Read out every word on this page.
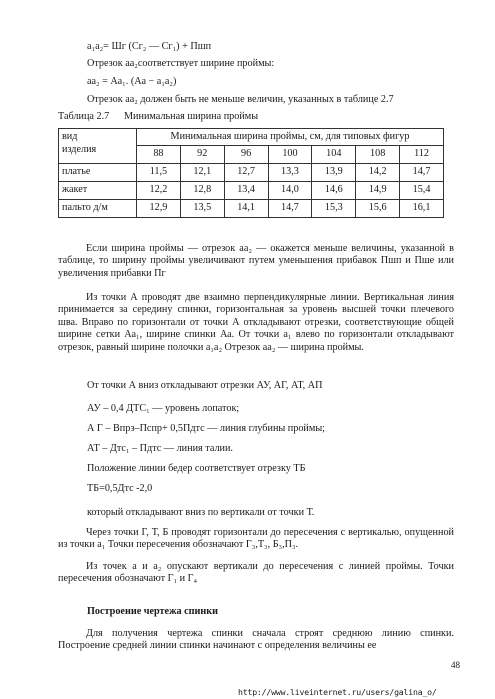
a₁a₂= Шг (Сг₂ — Сг₁) + Пшп
Отрезок аа₂соответствует ширине проймы:
аа₂ = Аа₁. (Аа − а₁а₂)
Отрезок аа₂ должен быть не меньше величин, указанных в таблице 2.7
Таблица 2.7 Минимальная ширина проймы
вид
изделия	Минимальная ширина проймы, см, для типовых фигур						
	88	92	96	100	104	108	112
платье	11,5	12,1	12,7	13,3	13,9	14,2	14,7
жакет	12,2	12,8	13,4	14,0	14,6	14,9	15,4
пальто д/м	12,9	13,5	14,1	14,7	15,3	15,6	16,1
Если ширина проймы — отрезок аа₂ — окажется меньше величины, указанной в таблице, то ширину проймы увеличивают путем уменьшения прибавок Пшп и Пше или увеличения прибавки Пг
Из точки А проводят две взаимно перпендикулярные линии. Вертикальная линия принимается за середину спинки, горизонтальная за уровень высшей точки плечевого шва. Вправо по горизонтали от точки А откладывают отрезки, соответствующие общей ширине сетки Аа₁, ширине спинки Аа. От точки а₁ влево по горизонтали откладывают отрезок, равный ширине полочки а₁а₂ Отрезок аа₂ — ширина проймы.
От точки А вниз откладывают отрезки АУ, АГ, АТ, АП
АУ – 0,4 ДТС₁ — уровень лопаток;
А Г – Впрз–Пспр+ 0,5Пдтс — линия глубины проймы;
АТ – Дтс₁ – Пдтс — линия талии.
Положение линии бедер соответствует отрезку ТБ
ТБ=0,5Дтс -2,0
который откладывают вниз по вертикали от точки Т.
Через точки Г, Т, Б проводят горизонтали до пересечения с вертикалью, опущенной из точки а₁ Точки пересечения обозначают Г₃,Т₃, Б₃,П₃.
Из точек а и а₂ опускают вертикали до пересечения с линией проймы. Точки пересечения обозначают Г₁ и Г₄
Построение чертежа спинки
Для получения чертежа спинки сначала строят среднюю линию спинки. Построение средней линии спинки начинают с определения величины ее
48
http://www.liveinternet.ru/users/galina_o/
